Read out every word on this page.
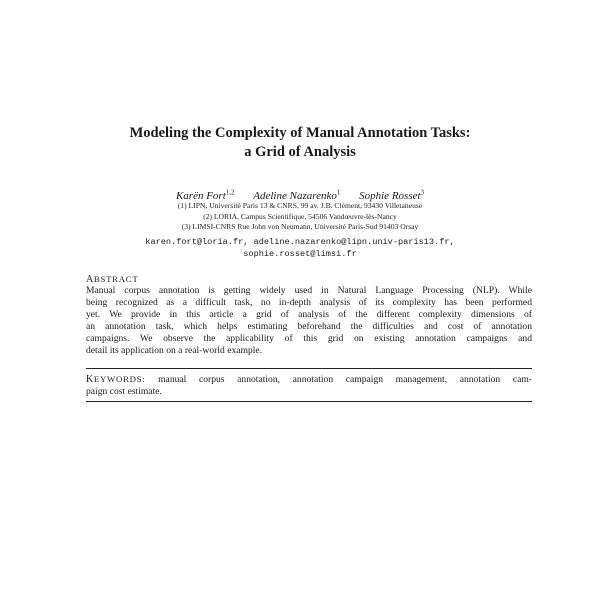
Modeling the Complexity of Manual Annotation Tasks:
a Grid of Analysis
Karën Fort$^{1,2}$ Adeline Nazarenko$^1$ Sophie Rosset$^3$
(1) LIPN, Université Paris 13 & CNRS, 99 av. J.B. Clément, 93430 Villetaneuse
(2) LORIA, Campus Scientifique, 54506 Vandœuvre-lès-Nancy
(3) LIMSI-CNRS Rue John von Neumann, Université Paris-Sud 91403 Orsay
karen.fort@loria.fr, adeline.nazarenko@lipn.univ-paris13.fr,
sophie.rosset@limsi.fr
ABSTRACT
Manual corpus annotation is getting widely used in Natural Language Processing (NLP). While
being recognized as a difficult task, no in-depth analysis of its complexity has been performed
yet. We provide in this article a grid of analysis of the different complexity dimensions of
an annotation task, which helps estimating beforehand the difficulties and cost of annotation
campaigns. We observe the applicability of this grid on existing annotation campaigns and
detail its application on a real-world example.
KEYWORDS: manual corpus annotation, annotation campaign management, annotation cam-
paign cost estimate.
